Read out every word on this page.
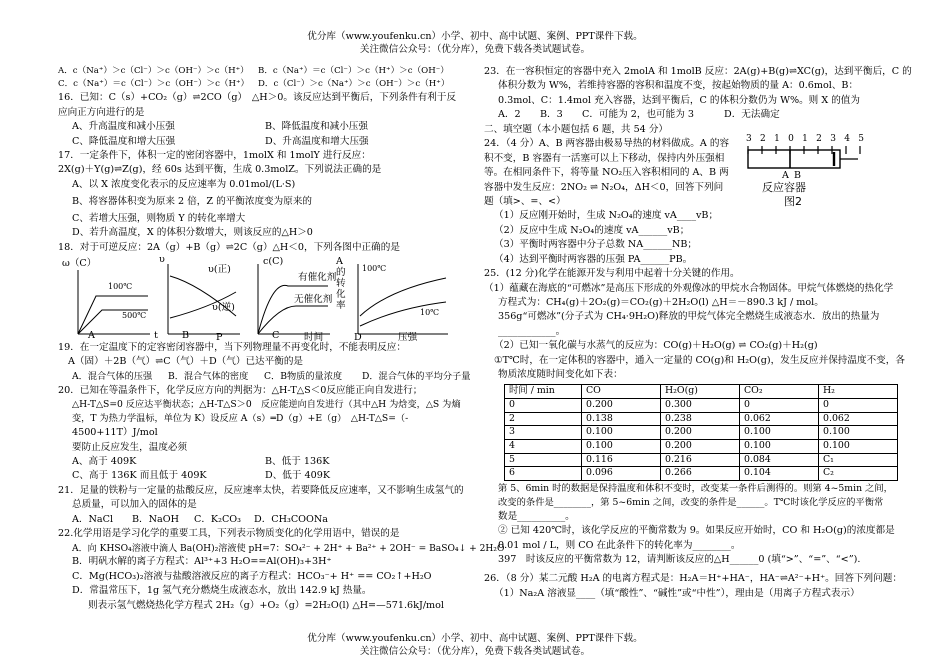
优分库（www.youfenku.cn）小学、初中、高中试题、案例、PPT课件下载。
关注微信公众号：（优分库），免费下载各类试题试卷。
A．c（Na⁺）＞c（Cl⁻）＞c（OH⁻）＞c（H⁺）	B．c（Na⁺）＝c（Cl⁻）＞c（H⁺）＞c（OH⁻）
C．c（Na⁺）＝c（Cl⁻）＞c（OH⁻）＞c（H⁺）	D．c（Cl⁻）＞c（Na⁺）＞c（OH⁻）＞c（H⁺）
16．已知：C（s）+CO₂（g）⇌2CO（g）　△H＞0。该反应达到平衡后，下列条件有利于反
应向正方向进行的是
A、升高温度和减小压强	B、降低温度和减小压强
C、降低温度和增大压强	D、升高温度和增大压强
17．一定条件下，体积一定的密闭容器中，1molX 和 1molY 进行反应：
2X(g)＋Y(g)⇌Z(g)，经 60s 达到平衡，生成 0.3molZ。下列说法正确的是
A、以 X 浓度变化表示的反应速率为 0.01mol/(L·S)
B、将容器体积变为原来 2 倍，Z 的平衡浓度变为原来的
C、若增大压强，则物质 Y 的转化率增大
D、若升高温度，X 的体积分数增大，则该反应的△H＞0
18．对于可逆反应：2A（g）+B（g）⇌2C（g）△H＜0，下列各图中正确的是
ω（C）
100℃
500℃
A	t
υ
υ(正)
υ(逆)
P
B
c(C)
有催化剂
无催化剂
时间
C
A的转化率
100℃
10℃
压强
D
19．在一定温度下的定容密闭容器中，当下列物理量不再变化时，不能表明反应：
A（固）＋2B（气）⇌C（气）＋D（气）已达平衡的是
A．混合气体的压强	B．混合气体的密度	C．B物质的量浓度	D．混合气体的平均分子量
20．已知在等温条件下，化学反应方向的判据为：△H-T△S＜0反应能正向自发进行；
△H-T△S=0 反应达平衡状态；△H-T△S＞0　反应能逆向自发进行（其中△H 为焓变，△S 为熵
变，T 为热力学温标，单位为 K）设反应 A（s）═D（g）+E（g）　△H-T△S=（-
4500+11T）J/mol
要防止反应发生，温度必须
A、高于 409K	B、低于 136K
C、高于 136K 而且低于 409K	D、低于 409K
21．足量的铁粉与一定量的盐酸反应，反应速率太快，若要降低反应速率，又不影响生成氢气的
总质量，可以加入的固体的是
A．NaCl	B．NaOH	C．K₂CO₃	D．CH₃COONa
22.化学用语是学习化学的重要工具，下列表示物质变化的化学用语中，错误的是
A．向 KHSO₄溶液中滴人 Ba(OH)₂溶液使 pH=7：SO₄²⁻ + 2H⁺ + Ba²⁺ + 2OH⁻ = BaSO₄↓ + 2H₂O
B．明矾水解的离子方程式：Al³⁺+3 H₂O==Al(OH)₃+3H⁺
C．Mg(HCO₃)₂溶液与盐酸溶液反应的离子方程式：HCO₃⁻+ H⁺ == CO₂↑+H₂O
D．常温常压下，1g 氢气充分燃烧生成液态水，放出 142.9 kJ 热量。
则表示氢气燃烧热化学方程式 2H₂（g）+O₂（g）=2H₂O(l) △H=—571.6kJ/mol
23．在一容积恒定的容器中充入 2molA 和 1molB 反应：2A(g)+B(g)⇌XC(g)，达到平衡后，C 的
体积分数为 W%，若维持容器的容积和温度不变，按起始物质的量 A：0.6mol、B：
0.3mol、C：1.4mol 充入容器，达到平衡后，C 的体积分数仍为 W%。则 X 的值为
A．2	B．3	C．可能为 2，也可能为 3	D．无法确定
二、填空题（本小题包括 6 题，共 54 分）
24．（4 分）A、B 两容器由极易导热的材料做成。A 的容
积不变，B 容器有一活塞可以上下移动，保持内外压强相
等。在相同条件下，将等量 NO₂压入容积相同的 A、B 两
容器中发生反应：2NO₂ ⇌ N₂O₄，ΔH＜0，回答下列问
题（填>、=、<）
（1）反应刚开始时，生成 N₂O₄的速度 vA____vB；
（2）反应中生成 N₂O₄的速度 vA______vB；
（3）平衡时两容器中分子总数 NA______NB；
（4）达到平衡时两容器的压强 PA______PB。
3 2 1 0 1 2 3 4 5
A B
反应容器
图2
25．(12 分)化学在能源开发与利用中起着十分关键的作用。
（1）蕴藏在海底的“可燃冰”是高压下形成的外观像冰的甲烷水合物固体。甲烷气体燃烧的热化学
方程式为：CH₄(g)＋2O₂(g)＝CO₂(g)＋2H₂O(l) △H＝－890.3 kJ / mol。
356g“可燃冰”(分子式为 CH₄·9H₂O)释放的甲烷气体完全燃烧生成液态水．放出的热量为
____________。
（2）已知一氧化碳与水蒸气的反应为：CO(g)＋H₂O(g) ⇌ CO₂(g)＋H₂(g)
①T℃时，在一定体积的容器中，通入一定量的 CO(g)和 H₂O(g)，发生反应并保持温度不变，各
物质浓度随时间变化如下表：
时间 / min	CO	H₂O(g)	CO₂	H₂
0	0.200	0.300	0	0
2	0.138	0.238	0.062	0.062
3	0.100	0.200	0.100	0.100
4	0.100	0.200	0.100	0.100
5	0.116	0.216	0.084	C₁
6	0.096	0.266	0.104	C₂
第 5、6min 时的数据是保持温度和体积不变时，改变某一条件后测得的。则第 4~5min 之间，
改变的条件是________，第 5~6min 之间，改变的条件是______。T℃时该化学反应的平衡常
数是__________。
② 已知 420℃时，该化学反应的平衡常数为 9。如果反应开始时，CO 和 H₂O(g)的浓度都是
0.01 mol / L，则 CO 在此条件下的转化率为________。
397　时该反应的平衡常数为 12，请判断该反应的△H______0 (填“>”、“=”、“<”).
26．（8 分）某二元酸 H₂A 的电离方程式是：H₂A＝H⁺+HA⁻，HA⁻⇌A²⁻+H⁺。回答下列问题：
（1）Na₂A 溶液显____（填“酸性”、“碱性”或“中性”），理由是（用离子方程式表示）
优分库（www.youfenku.cn）小学、初中、高中试题、案例、PPT课件下载。
关注微信公众号：（优分库），免费下载各类试题试卷。
